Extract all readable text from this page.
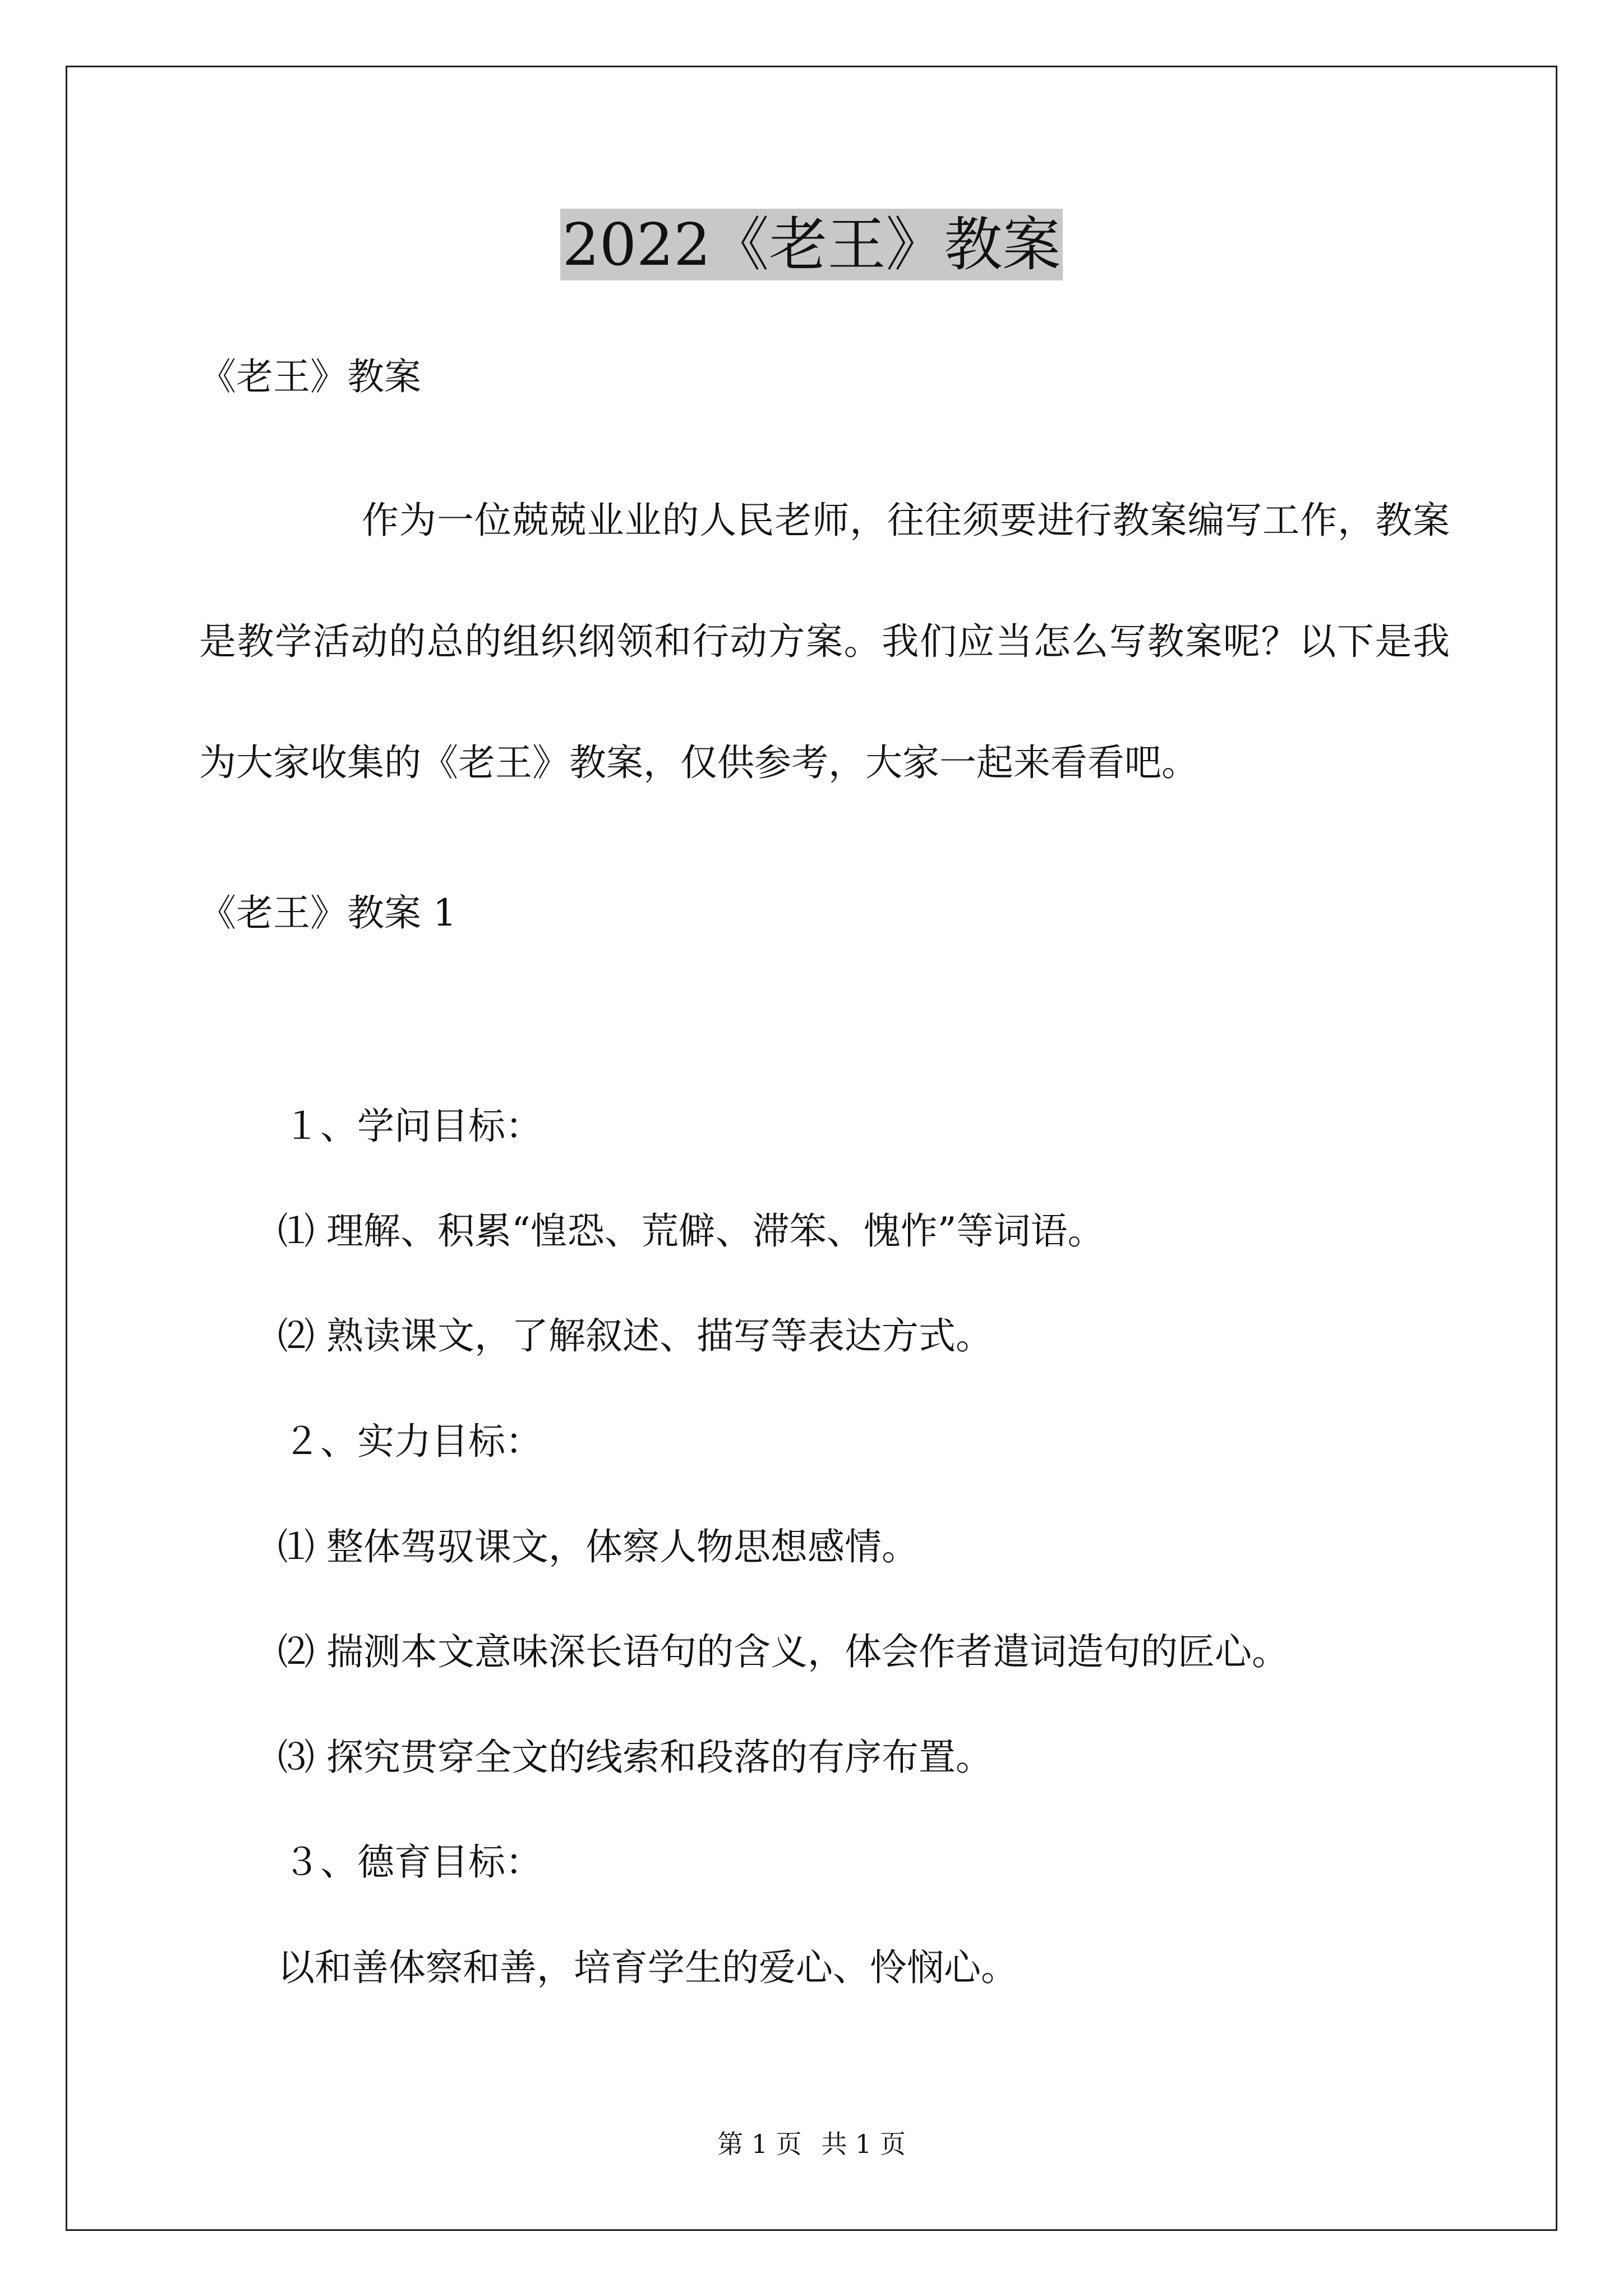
2022《老王》教案
《老王》教案
作为一位兢兢业业的人民老师，往往须要进行教案编写工作，教案是教学活动的总的组织纲领和行动方案。我们应当怎么写教案呢？以下是我为大家收集的《老王》教案，仅供参考，大家一起来看看吧。
《老王》教案 1
１、学问目标：
⑴ 理解、积累“惶恐、荒僻、滞笨、愧怍”等词语。
⑵ 熟读课文，了解叙述、描写等表达方式。
２、实力目标：
⑴ 整体驾驭课文，体察人物思想感情。
⑵ 揣测本文意味深长语句的含义，体会作者遣词造句的匠心。
⑶ 探究贯穿全文的线索和段落的有序布置。
３、德育目标：
以和善体察和善，培育学生的爱心、怜悯心。
第 1 页 共 1 页
